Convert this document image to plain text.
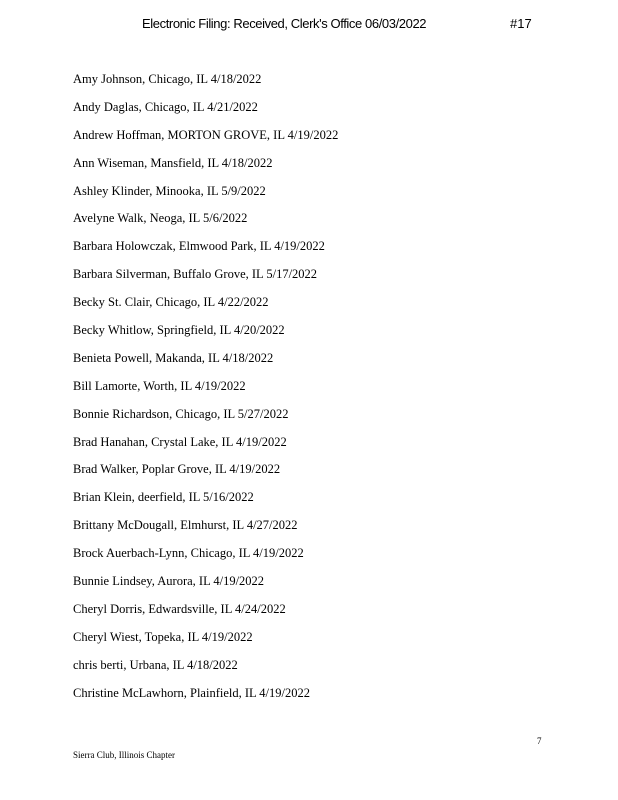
Electronic Filing: Received, Clerk's Office 06/03/2022	#17
Amy Johnson, Chicago, IL 4/18/2022
Andy Daglas, Chicago, IL 4/21/2022
Andrew Hoffman, MORTON GROVE, IL 4/19/2022
Ann Wiseman, Mansfield, IL 4/18/2022
Ashley Klinder, Minooka, IL 5/9/2022
Avelyne Walk, Neoga, IL 5/6/2022
Barbara Holowczak, Elmwood Park, IL 4/19/2022
Barbara Silverman, Buffalo Grove, IL 5/17/2022
Becky St. Clair, Chicago, IL 4/22/2022
Becky Whitlow, Springfield, IL 4/20/2022
Benieta Powell, Makanda, IL 4/18/2022
Bill Lamorte, Worth, IL 4/19/2022
Bonnie Richardson, Chicago, IL 5/27/2022
Brad Hanahan, Crystal Lake, IL 4/19/2022
Brad Walker, Poplar Grove, IL 4/19/2022
Brian Klein, deerfield, IL 5/16/2022
Brittany McDougall, Elmhurst, IL 4/27/2022
Brock Auerbach-Lynn, Chicago, IL 4/19/2022
Bunnie Lindsey, Aurora, IL 4/19/2022
Cheryl Dorris, Edwardsville, IL 4/24/2022
Cheryl Wiest, Topeka, IL 4/19/2022
chris berti, Urbana, IL 4/18/2022
Christine McLawhorn, Plainfield, IL 4/19/2022
7
Sierra Club, Illinois Chapter
